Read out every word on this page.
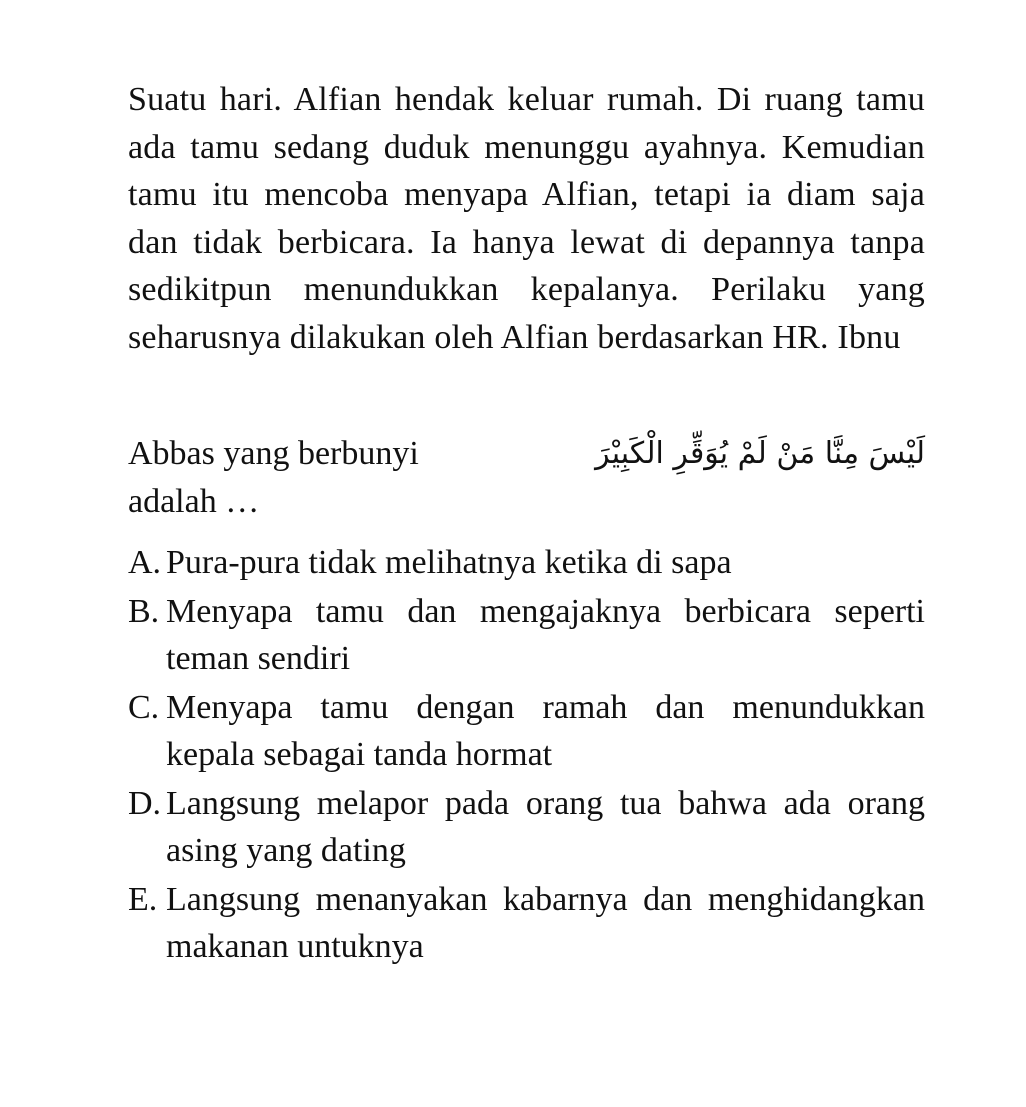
Suatu hari. Alfian hendak keluar rumah. Di ruang tamu ada tamu sedang duduk menunggu ayahnya. Kemudian tamu itu mencoba menyapa Alfian, tetapi ia diam saja dan tidak berbicara. Ia hanya lewat di depannya tanpa sedikitpun menundukkan kepalanya. Perilaku yang seharusnya dilakukan oleh Alfian berdasarkan HR. Ibnu

Abbas yang berbunyi	لَيْسَ مِنَّا مَنْ لَمْ يُوَقِّرِ الْكَبِيْرَ

adalah …

A. Pura-pura tidak melihatnya ketika di sapa
B. Menyapa tamu dan mengajaknya berbicara seperti teman sendiri
C. Menyapa tamu dengan ramah dan menundukkan kepala sebagai tanda hormat
D. Langsung melapor pada orang tua bahwa ada orang asing yang dating
E. Langsung menanyakan kabarnya dan menghidangkan makanan untuknya
